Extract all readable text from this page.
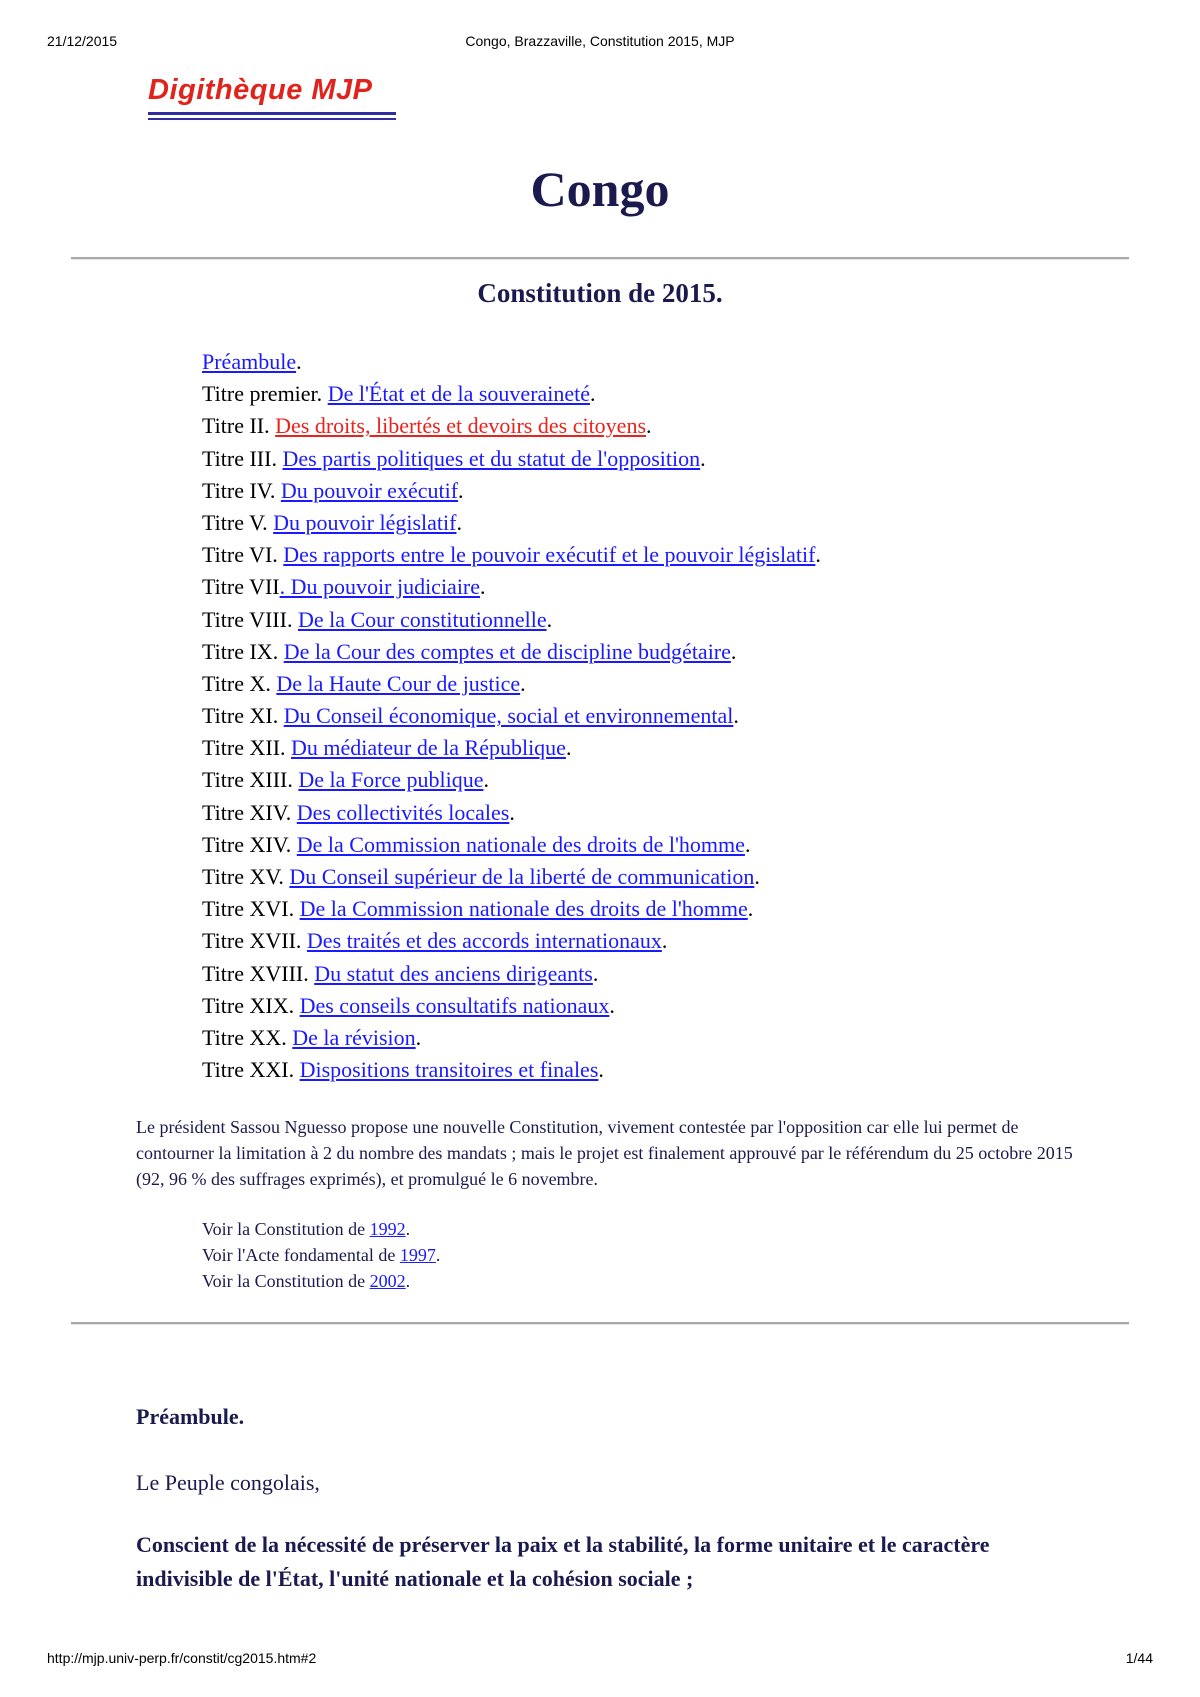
21/12/2015	Congo, Brazzaville, Constitution 2015, MJP
Digithèque MJP
Congo
Constitution de 2015.
Préambule.
Titre premier. De l'État et de la souveraineté.
Titre II. Des droits, libertés et devoirs des citoyens.
Titre III. Des partis politiques et du statut de l'opposition.
Titre IV. Du pouvoir exécutif.
Titre V. Du pouvoir législatif.
Titre VI. Des rapports entre le pouvoir exécutif et le pouvoir législatif.
Titre VII. Du pouvoir judiciaire.
Titre VIII. De la Cour constitutionnelle.
Titre IX. De la Cour des comptes et de discipline budgétaire.
Titre X. De la Haute Cour de justice.
Titre XI. Du Conseil économique, social et environnemental.
Titre XII. Du médiateur de la République.
Titre XIII. De la Force publique.
Titre XIV. Des collectivités locales.
Titre XIV. De la Commission nationale des droits de l'homme.
Titre XV. Du Conseil supérieur de la liberté de communication.
Titre XVI. De la Commission nationale des droits de l'homme.
Titre XVII. Des traités et des accords internationaux.
Titre XVIII. Du statut des anciens dirigeants.
Titre XIX. Des conseils consultatifs nationaux.
Titre XX. De la révision.
Titre XXI. Dispositions transitoires et finales.

Le président Sassou Nguesso propose une nouvelle Constitution, vivement contestée par l'opposition car elle lui permet de contourner la limitation à 2 du nombre des mandats ; mais le projet est finalement approuvé par le référendum du 25 octobre 2015 (92, 96 % des suffrages exprimés), et promulgué le 6 novembre.

Voir la Constitution de 1992.
Voir l'Acte fondamental de 1997.
Voir la Constitution de 2002.
Préambule.
Le Peuple congolais,
Conscient de la nécessité de préserver la paix et la stabilité, la forme unitaire et le caractère indivisible de l'État, l'unité nationale et la cohésion sociale ;
http://mjp.univ-perp.fr/constit/cg2015.htm#2	1/44
